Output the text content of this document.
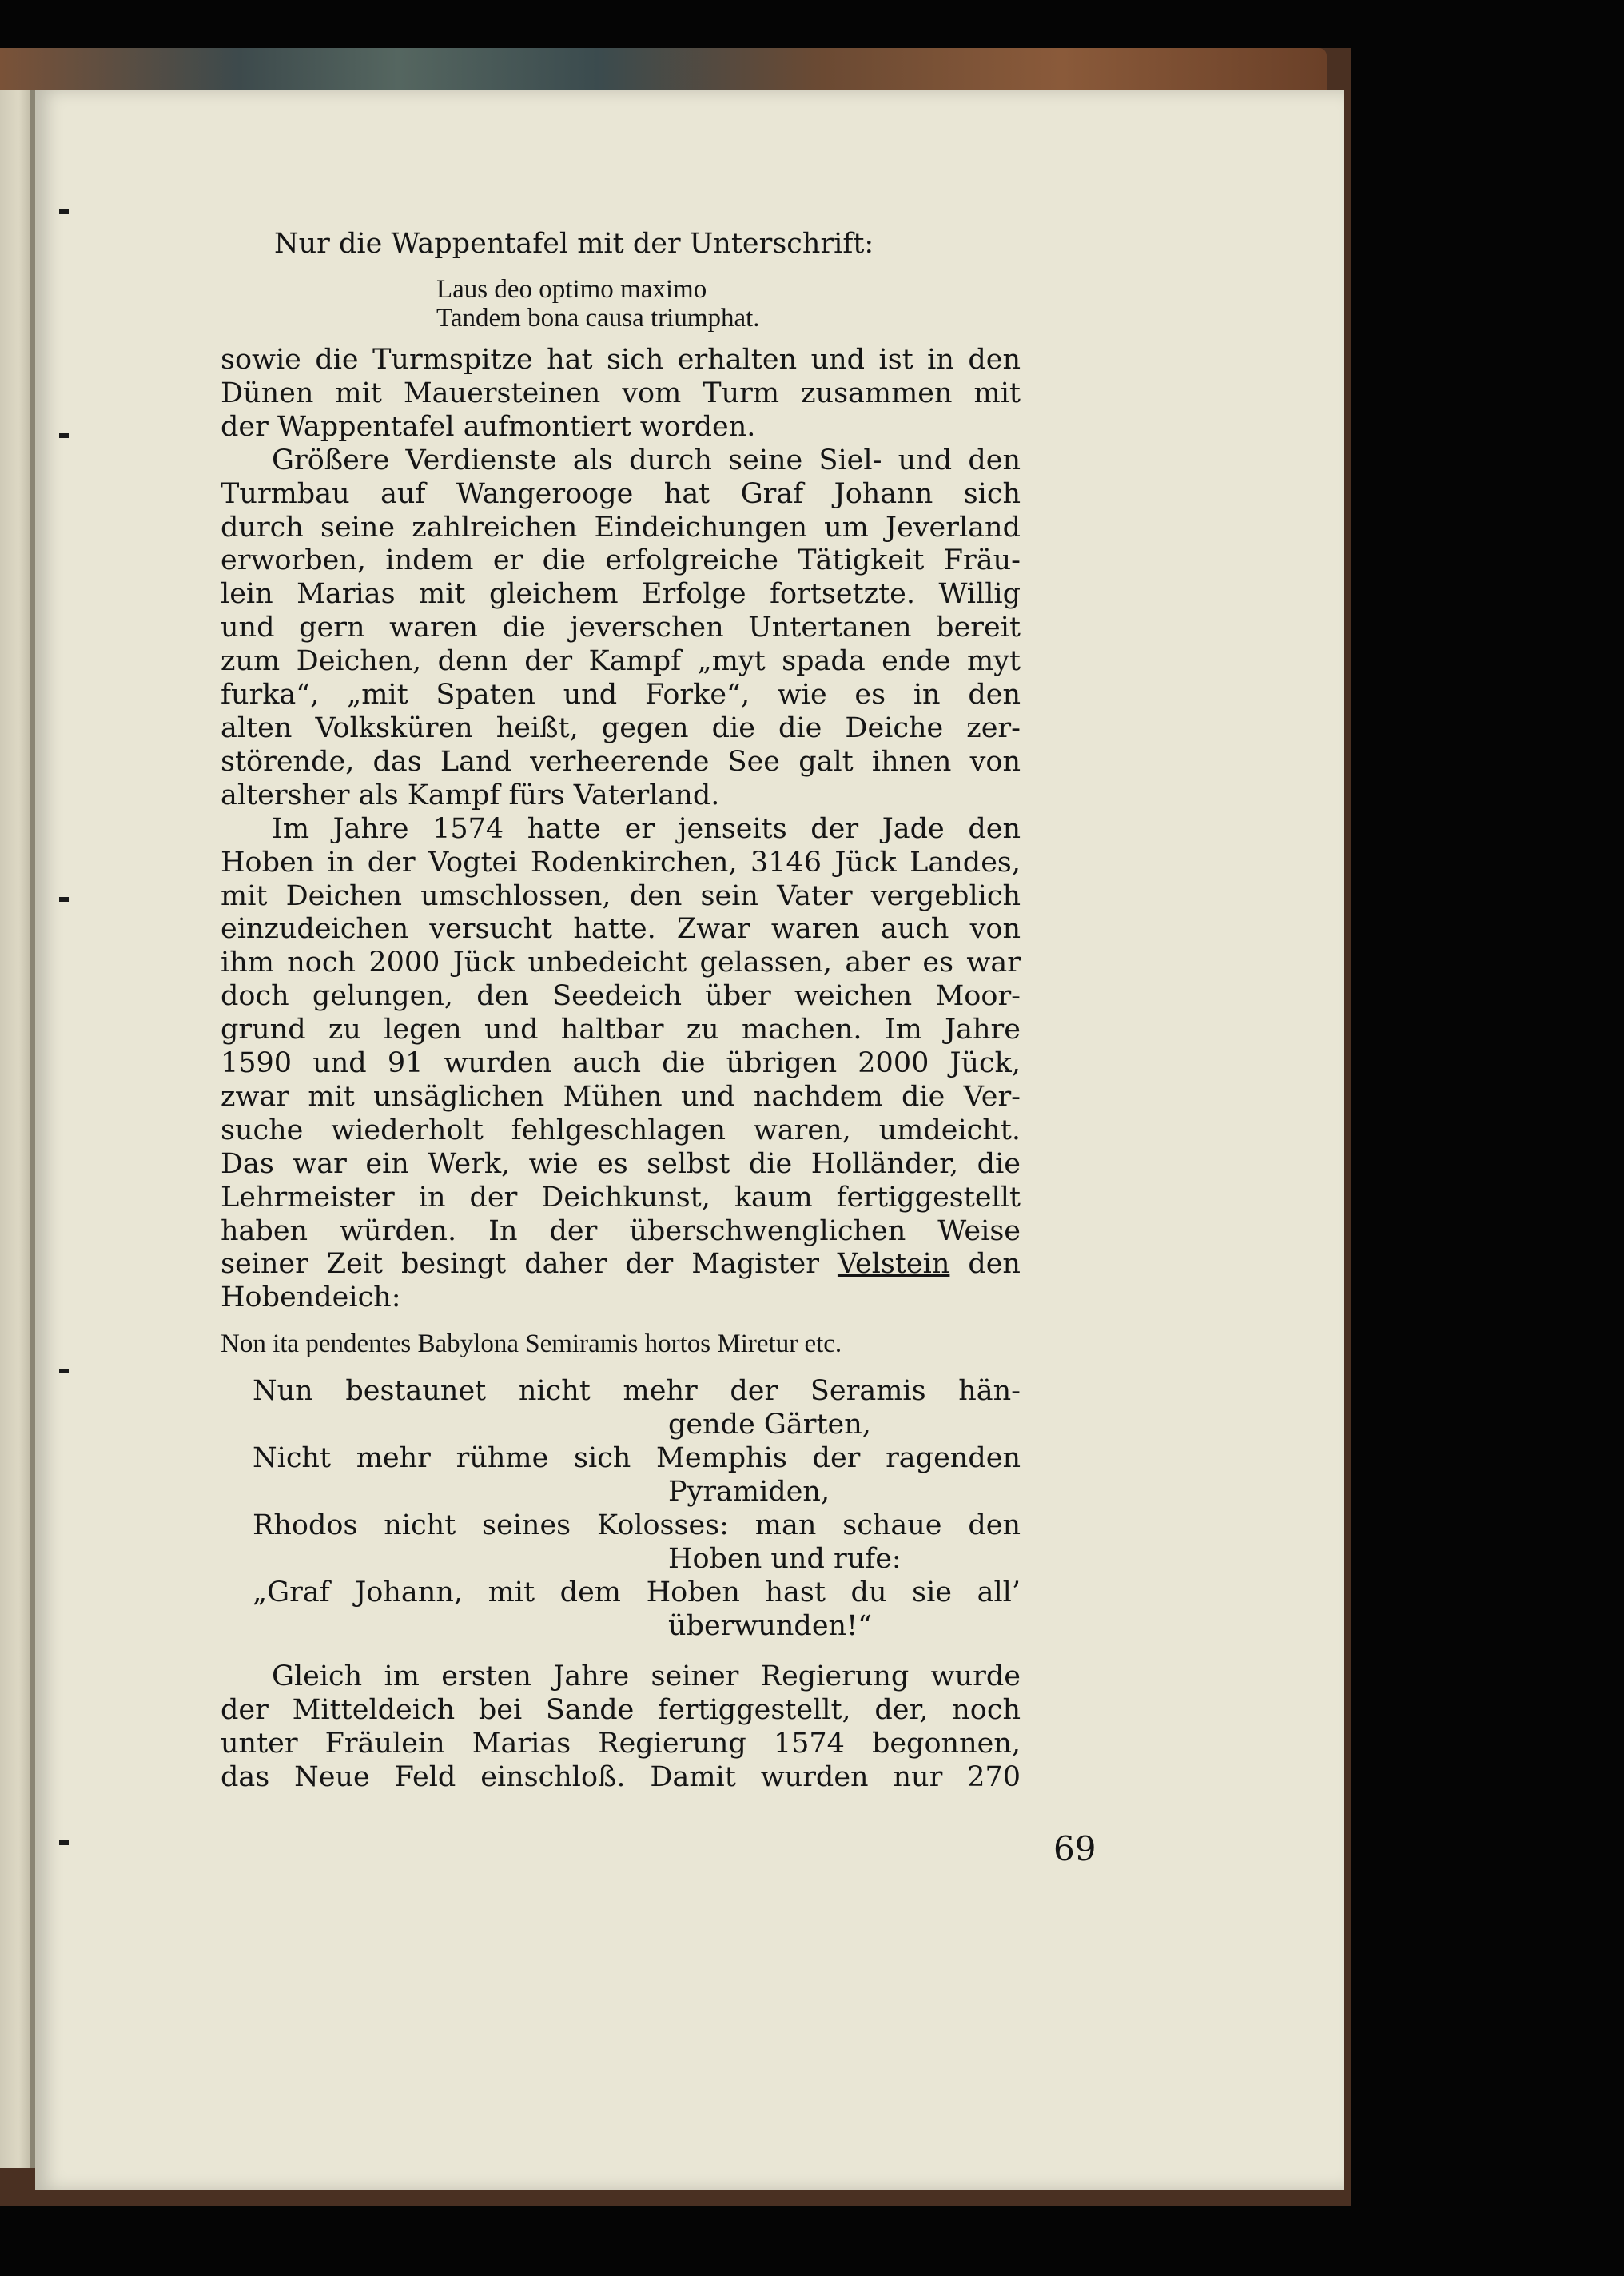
Nur die Wappentafel mit der Unterschrift:
Laus deo optimo maximo
Tandem bona causa triumphat.
sowie die Turmspitze hat sich erhalten und ist in den
Dünen mit Mauersteinen vom Turm zusammen mit
der Wappentafel aufmontiert worden.
Größere Verdienste als durch seine Siel- und den
Turmbau auf Wangerooge hat Graf Johann sich
durch seine zahlreichen Eindeichungen um Jeverland
erworben, indem er die erfolgreiche Tätigkeit Fräu-
lein Marias mit gleichem Erfolge fortsetzte. Willig
und gern waren die jeverschen Untertanen bereit
zum Deichen, denn der Kampf „myt spada ende myt
furka“, „mit Spaten und Forke“, wie es in den
alten Volksküren heißt, gegen die die Deiche zer-
störende, das Land verheerende See galt ihnen von
altersher als Kampf fürs Vaterland.
Im Jahre 1574 hatte er jenseits der Jade den
Hoben in der Vogtei Rodenkirchen, 3146 Jück Landes,
mit Deichen umschlossen, den sein Vater vergeblich
einzudeichen versucht hatte. Zwar waren auch von
ihm noch 2000 Jück unbedeicht gelassen, aber es war
doch gelungen, den Seedeich über weichen Moor-
grund zu legen und haltbar zu machen. Im Jahre
1590 und 91 wurden auch die übrigen 2000 Jück,
zwar mit unsäglichen Mühen und nachdem die Ver-
suche wiederholt fehlgeschlagen waren, umdeicht.
Das war ein Werk, wie es selbst die Holländer, die
Lehrmeister in der Deichkunst, kaum fertiggestellt
haben würden. In der überschwenglichen Weise
seiner Zeit besingt daher der Magister Velstein den
Hobendeich:
Non ita pendentes Babylona Semiramis hortos Miretur etc.
Nun bestaunet nicht mehr der Seramis hän-
gende Gärten,
Nicht mehr rühme sich Memphis der ragenden
Pyramiden,
Rhodos nicht seines Kolosses: man schaue den
Hoben und rufe:
„Graf Johann, mit dem Hoben hast du sie all’
überwunden!“
Gleich im ersten Jahre seiner Regierung wurde
der Mitteldeich bei Sande fertiggestellt, der, noch
unter Fräulein Marias Regierung 1574 begonnen,
das Neue Feld einschloß. Damit wurden nur 270
69
